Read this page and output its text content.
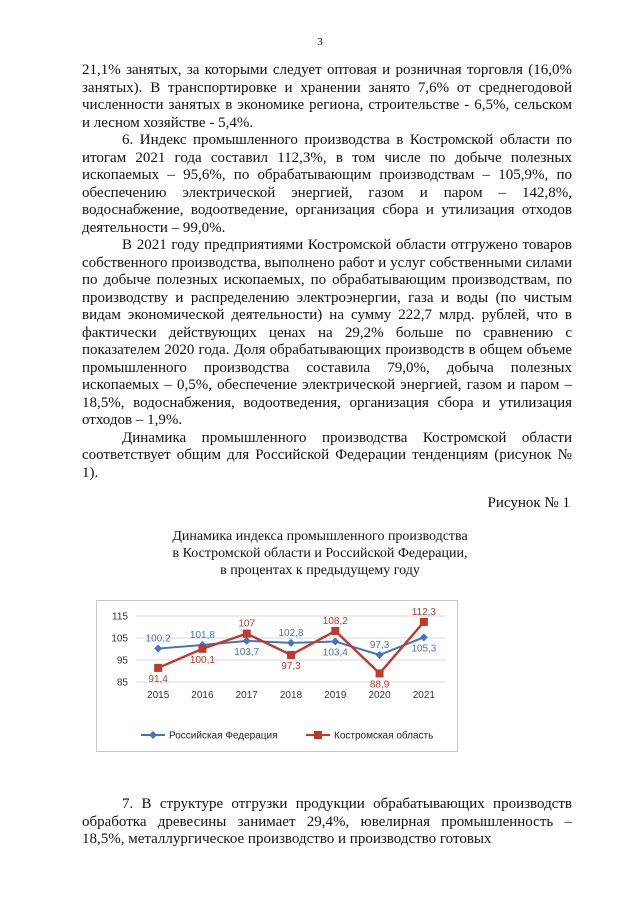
3

21,1% занятых, за которыми следует оптовая и розничная торговля (16,0% занятых). В транспортировке и хранении занято 7,6% от среднегодовой численности занятых в экономике региона, строительстве - 6,5%, сельском и лесном хозяйстве - 5,4%.

6. Индекс промышленного производства в Костромской области по итогам 2021 года составил 112,3%, в том числе по добыче полезных ископаемых – 95,6%, по обрабатывающим производствам – 105,9%, по обеспечению электрической энергией, газом и паром – 142,8%, водоснабжение, водоотведение, организация сбора и утилизация отходов деятельности – 99,0%.

В 2021 году предприятиями Костромской области отгружено товаров собственного производства, выполнено работ и услуг собственными силами по добыче полезных ископаемых, по обрабатывающим производствам, по производству и распределению электроэнергии, газа и воды (по чистым видам экономической деятельности) на сумму 222,7 млрд. рублей, что в фактически действующих ценах на 29,2% больше по сравнению с показателем 2020 года. Доля обрабатывающих производств в общем объеме промышленного производства составила 79,0%, добыча полезных ископаемых – 0,5%, обеспечение электрической энергией, газом и паром – 18,5%, водоснабжения, водоотведения, организация сбора и утилизация отходов – 1,9%.

Динамика промышленного производства Костромской области соответствует общим для Российской Федерации тенденциям (рисунок № 1).

Рисунок № 1
Динамика индекса промышленного производства
в Костромской области и Российской Федерации,
в процентах к предыдущему году
85
95
105
115
2015 2016 2017 2018 2019 2020 2021
100,2 101,8
103,7
102,8
103,4
97,3 105,3
91,4
100,1
107
97,3
108,2
88,9
112,3
Российская Федерация	Костромская область

7. В структуре отгрузки продукции обрабатывающих производств обработка древесины занимает 29,4%, ювелирная промышленность – 18,5%, металлургическое производство и производство готовых
